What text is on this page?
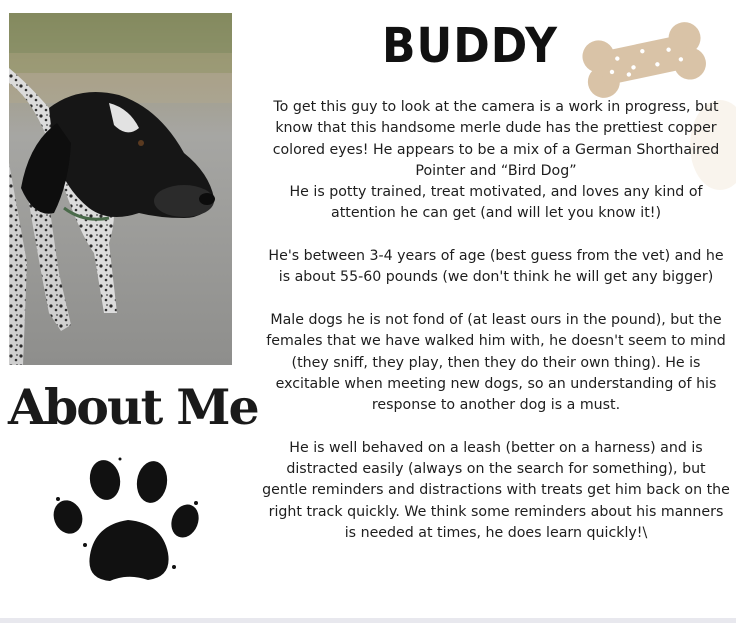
BUDDY

To get this guy to look at the camera is a work in progress, but know that this handsome merle dude has the prettiest copper colored eyes! He appears to be a mix of a German Shorthaired Pointer and “Bird Dog”

He is potty trained, treat motivated, and loves any kind of attention he can get (and will let you know it!)

He's between 3-4 years of age (best guess from the vet) and he is about 55-60 pounds (we don't think he will get any bigger)

Male dogs he is not fond of (at least ours in the pound), but the females that we have walked him with, he doesn't seem to mind (they sniff, they play, then they do their own thing). He is excitable when meeting new dogs, so an understanding of his response to another dog is a must.

He is well behaved on a leash (better on a harness) and is distracted easily (always on the search for something), but gentle reminders and distractions with treats get him back on the right track quickly. We think some reminders about his manners is needed at times, he does learn quickly!\

About Me
